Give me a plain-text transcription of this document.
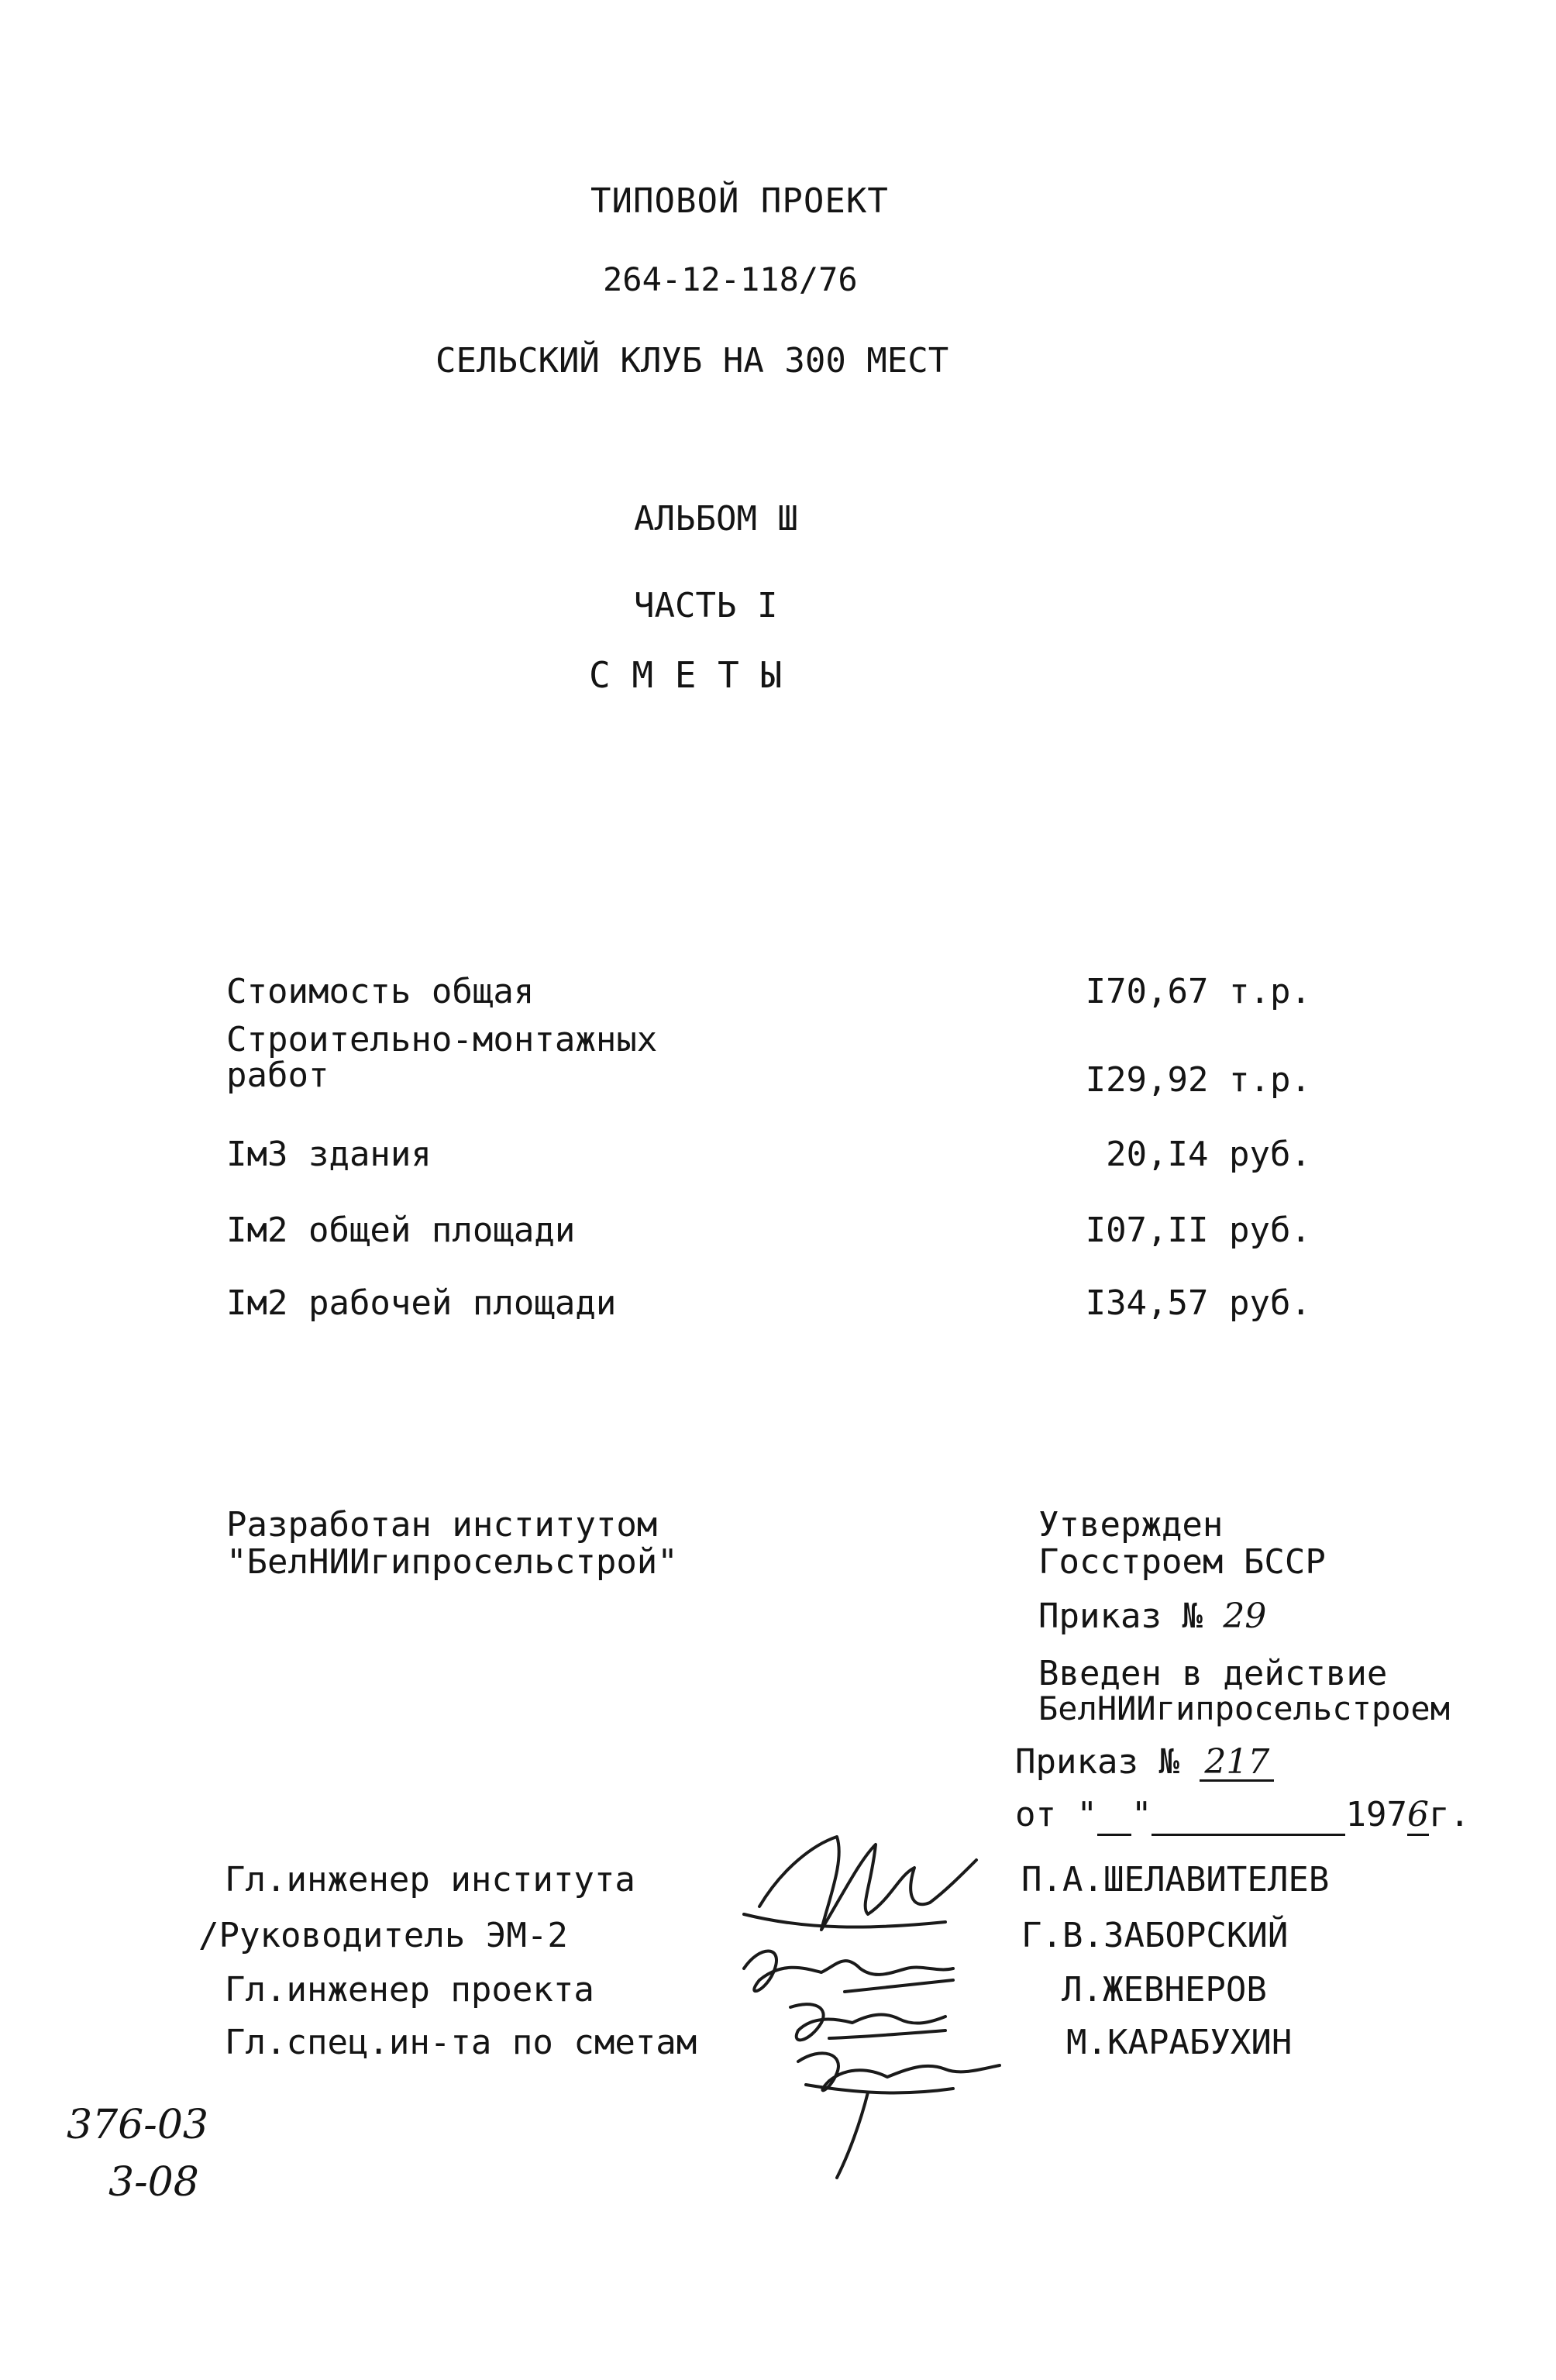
ТИПОВОЙ ПРОЕКТ
264-12-118/76
СЕЛЬСКИЙ КЛУБ НА 300 МЕСТ
АЛЬБОМ Ш
ЧАСТЬ I
С М Е Т Ы
Стоимость общая	I70,67 т.р.
Строительно-монтажных
работ	I29,92 т.р.
Iм3 здания	20,I4 руб.
Iм2 общей площади	I07,II руб.
Iм2 рабочей площади	I34,57 руб.
Разработан институтом
"БелНИИгипросельстрой"
Утвержден
Госстроем БССР
Приказ № 29
Введен в действие
БелНИИгипросельстроем
Приказ № 217
от " "	1976г.
Гл.инженер института	П.А.ШЕЛАВИТЕЛЕВ
/Руководитель ЭМ-2	Г.В.ЗАБОРСКИЙ
Гл.инженер проекта	Л.ЖЕВНЕРОВ
Гл.спец.ин-та по сметам	М.КАРАБУХИН
376-03
3-08
